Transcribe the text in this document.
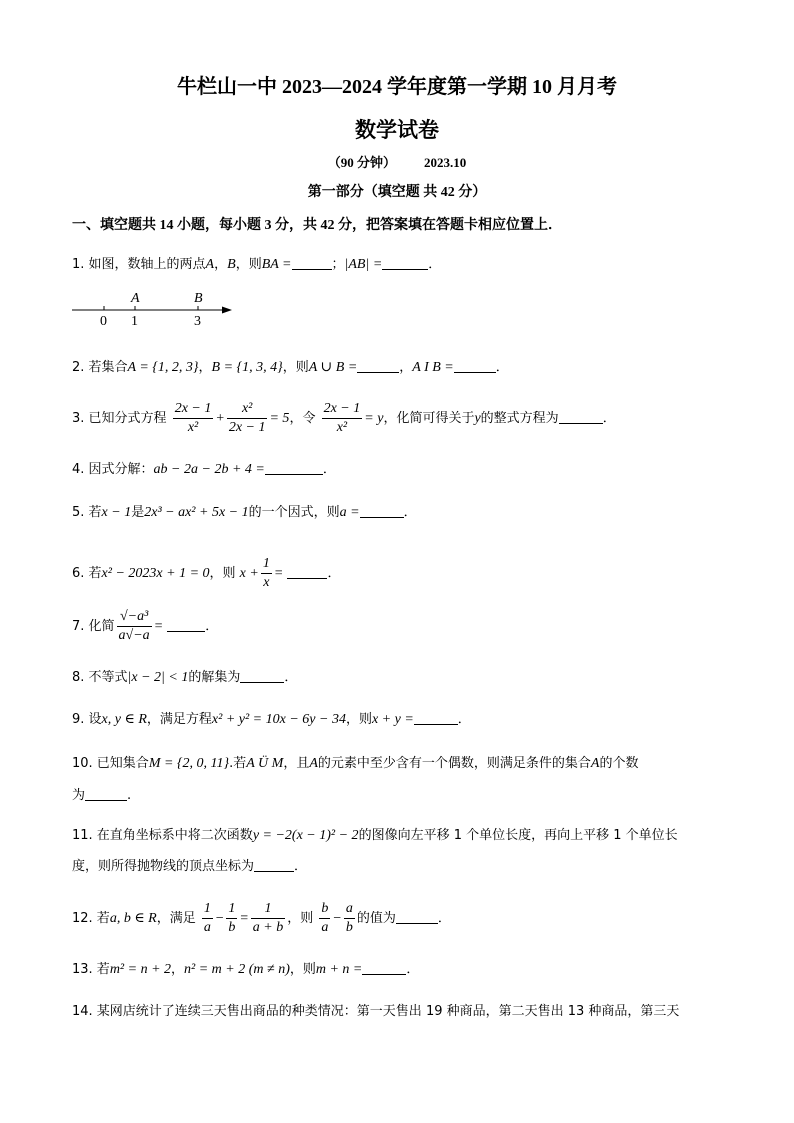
牛栏山一中 2023—2024 学年度第一学期 10 月月考
数学试卷
（90 分钟） 2023.10
第一部分（填空题 共 42 分）
一、填空题共 14 小题，每小题 3 分，共 42 分，把答案填在答题卡相应位置上．
1. 如图，数轴上的两点A，B，则BA =	；|AB| =	．
A	B
0 1	3
2. 若集合A = {1, 2, 3}，B = {1, 3, 4}，则A ∪ B =	，A I B =	．
3. 已知分式方程 $\frac{2x - 1}{\text{x²}} + \frac{\text{x²}}{2x - 1} = 5$，令 $\frac{2x - 1}{\text{x²}} = y$，化简可得关于y的整式方程为	．
4. 因式分解：ab − 2a − 2b + 4 =	．
5. 若x − 1是2x³ − ax² + 5x − 1的一个因式，则a =	．
6. 若x² − 2023x + 1 = 0，则 $x + \frac{1}{x}$ =	．
7. 化简 $\frac{\text{√−a³}}{a√-a}$ =	．
8. 不等式|x − 2| < 1的解集为	．
9. 设x, y ∈ R，满足方程x² + y² = 10x − 6y − 34，则x + y =	．
10. 已知集合M = {2, 0, 11}.若A Ü M，且A的元素中至少含有一个偶数，则满足条件的集合A的个数
为	.
11. 在直角坐标系中将二次函数y = −2(x − 1)² − 2的图像向左平移 1 个单位长度，再向上平移 1 个单位长
度，则所得抛物线的顶点坐标为	．
12. 若a, b ∈ R，满足 $\frac{1}{a} - \frac{1}{b} = \frac{1}{a + b}$ ，则 $\frac{b}{a} - \frac{a}{b}$ 的值为	．
13. 若m² = n + 2，n² = m + 2 (m ≠ n)，则m + n =	．
14. 某网店统计了连续三天售出商品的种类情况：第一天售出 19 种商品，第二天售出 13 种商品，第三天
